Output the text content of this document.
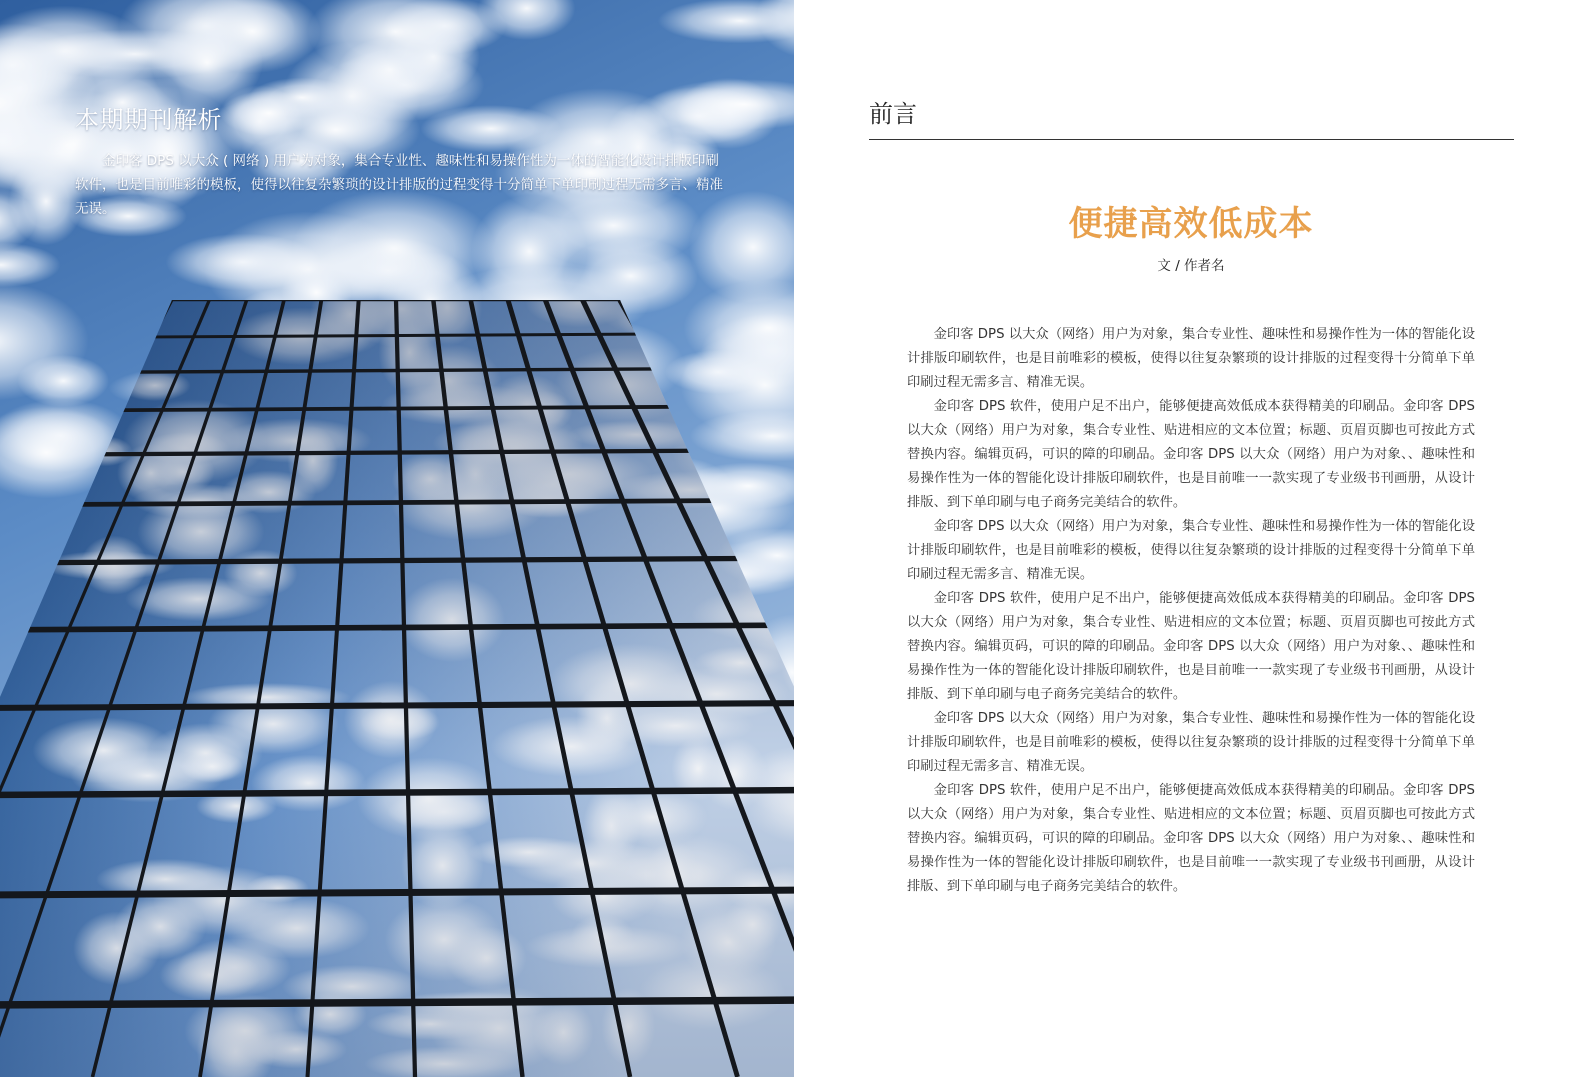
本期期刊解析

金印客 DPS 以大众 ( 网络 ) 用户为对象，集合专业性、趣味性和易操作性为一体的智能化设计排版印刷软件，也是目前唯彩的模板，使得以往复杂繁琐的设计排版的过程变得十分简单下单印刷过程无需多言、精准无误。

前言
便捷高效低成本

文 / 作者名

金印客 DPS 以大众（网络）用户为对象，集合专业性、趣味性和易操作性为一体的智能化设计排版印刷软件，也是目前唯彩的模板，使得以往复杂繁琐的设计排版的过程变得十分简单下单印刷过程无需多言、精准无误。

金印客 DPS 软件，使用户足不出户，能够便捷高效低成本获得精美的印刷品。金印客 DPS 以大众（网络）用户为对象，集合专业性、贴进相应的文本位置；标题、页眉页脚也可按此方式替换内容。编辑页码，可识的障的印刷品。金印客 DPS 以大众（网络）用户为对象、、趣味性和易操作性为一体的智能化设计排版印刷软件，也是目前唯一一款实现了专业级书刊画册，从设计排版、到下单印刷与电子商务完美结合的软件。

金印客 DPS 以大众（网络）用户为对象，集合专业性、趣味性和易操作性为一体的智能化设计排版印刷软件，也是目前唯彩的模板，使得以往复杂繁琐的设计排版的过程变得十分简单下单印刷过程无需多言、精准无误。

金印客 DPS 软件，使用户足不出户，能够便捷高效低成本获得精美的印刷品。金印客 DPS 以大众（网络）用户为对象，集合专业性、贴进相应的文本位置；标题、页眉页脚也可按此方式替换内容。编辑页码，可识的障的印刷品。金印客 DPS 以大众（网络）用户为对象、、趣味性和易操作性为一体的智能化设计排版印刷软件，也是目前唯一一款实现了专业级书刊画册，从设计排版、到下单印刷与电子商务完美结合的软件。

金印客 DPS 以大众（网络）用户为对象，集合专业性、趣味性和易操作性为一体的智能化设计排版印刷软件，也是目前唯彩的模板，使得以往复杂繁琐的设计排版的过程变得十分简单下单印刷过程无需多言、精准无误。

金印客 DPS 软件，使用户足不出户，能够便捷高效低成本获得精美的印刷品。金印客 DPS 以大众（网络）用户为对象，集合专业性、贴进相应的文本位置；标题、页眉页脚也可按此方式替换内容。编辑页码，可识的障的印刷品。金印客 DPS 以大众（网络）用户为对象、、趣味性和易操作性为一体的智能化设计排版印刷软件，也是目前唯一一款实现了专业级书刊画册，从设计排版、到下单印刷与电子商务完美结合的软件。
